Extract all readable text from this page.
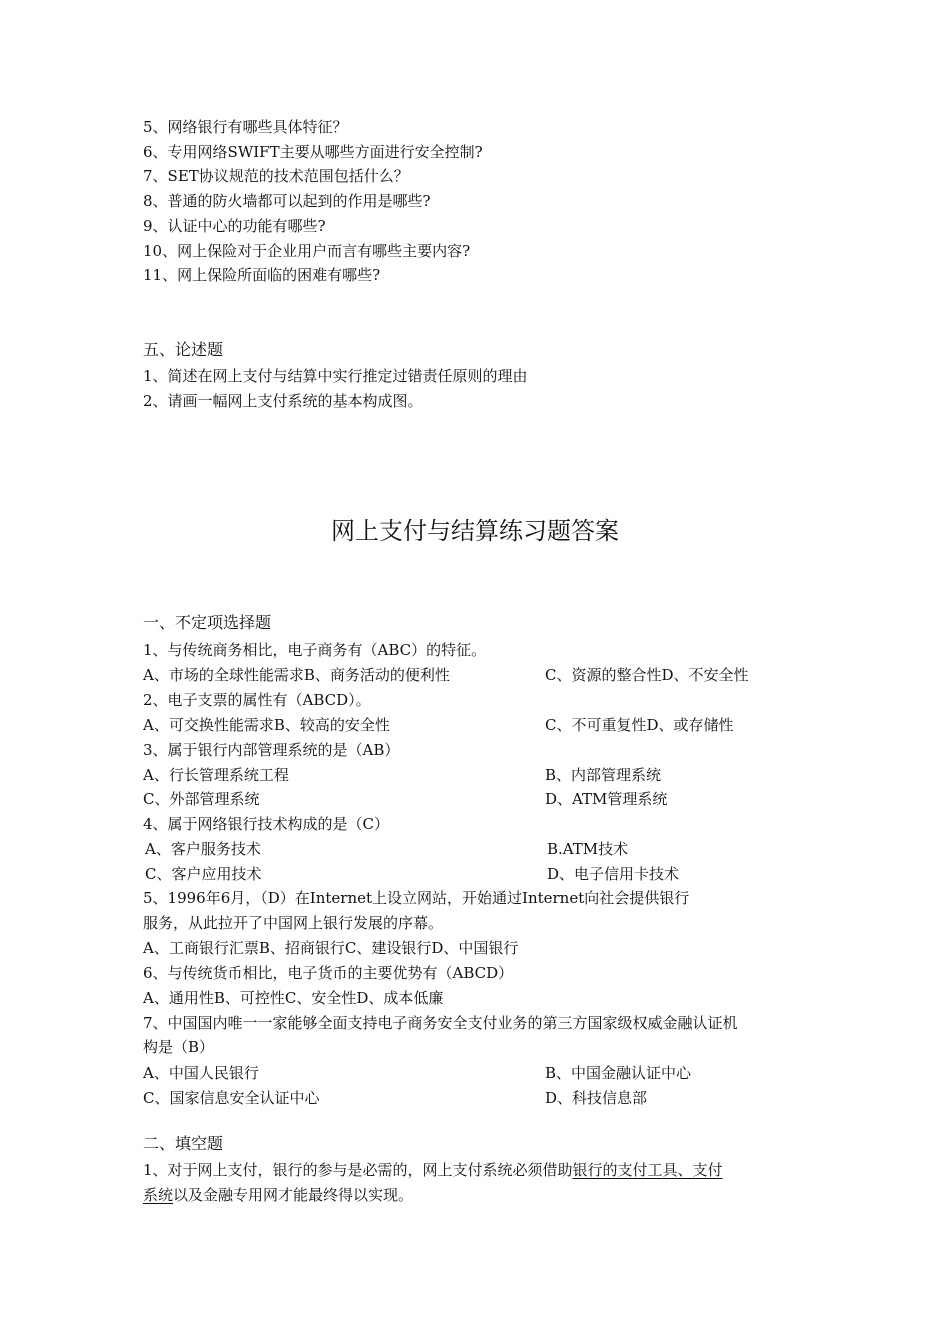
5、网络银行有哪些具体特征？
6、专用网络SWIFT主要从哪些方面进行安全控制?
7、SET协议规范的技术范围包括什么？
8、普通的防火墙都可以起到的作用是哪些?
9、认证中心的功能有哪些?
10、网上保险对于企业用户而言有哪些主要内容?
11、网上保险所面临的困难有哪些?
五、论述题
1、简述在网上支付与结算中实行推定过错责任原则的理由
2、请画一幅网上支付系统的基本构成图。
网上支付与结算练习题答案
一、不定项选择题
1、与传统商务相比，电子商务有（ABC）的特征。
A、市场的全球性能需求B、商务活动的便利性	C、资源的整合性D、不安全性
2、电子支票的属性有（ABCD）。
A、可交换性能需求B、较高的安全性	C、不可重复性D、或存储性
3、属于银行内部管理系统的是（AB）
A、行长管理系统工程	B、内部管理系统
C、外部管理系统	D、ATM管理系统
4、属于网络银行技术构成的是（C）
A、客户服务技术	B.ATM技术
C、客户应用技术	D、电子信用卡技术
5、1996年6月，（D）在Internet上设立网站，开始通过Internet向社会提供银行
服务，从此拉开了中国网上银行发展的序幕。
A、工商银行汇票B、招商银行C、建设银行D、中国银行
6、与传统货币相比，电子货币的主要优势有（ABCD）
A、通用性B、可控性C、安全性D、成本低廉
7、中国国内唯一一家能够全面支持电子商务安全支付业务的第三方国家级权威金融认证机
构是（B）
A、中国人民银行	B、中国金融认证中心
C、国家信息安全认证中心	D、科技信息部
二、填空题
1、对于网上支付，银行的参与是必需的，网上支付系统必须借助银行的支付工具、支付
系统以及金融专用网才能最终得以实现。
